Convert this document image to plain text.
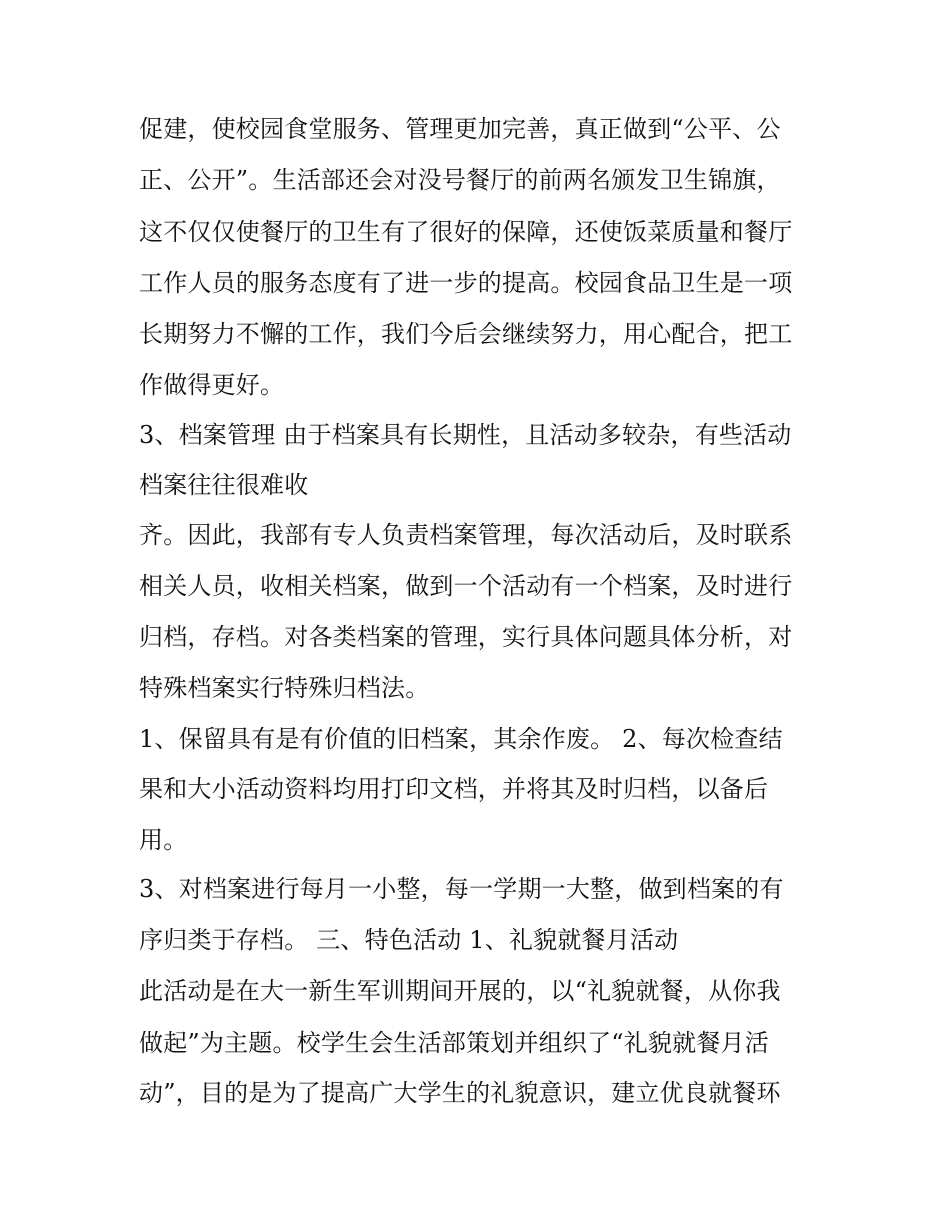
促建，使校园食堂服务、管理更加完善，真正做到“公平、公
正、公开”。生活部还会对没号餐厅的前两名颁发卫生锦旗，
这不仅仅使餐厅的卫生有了很好的保障，还使饭菜质量和餐厅
工作人员的服务态度有了进一步的提高。校园食品卫生是一项
长期努力不懈的工作，我们今后会继续努力，用心配合，把工
作做得更好。
3、档案管理 由于档案具有长期性，且活动多较杂，有些活动
档案往往很难收
齐。因此，我部有专人负责档案管理，每次活动后，及时联系
相关人员，收相关档案，做到一个活动有一个档案，及时进行
归档，存档。对各类档案的管理，实行具体问题具体分析，对
特殊档案实行特殊归档法。
1、保留具有是有价值的旧档案，其余作废。 2、每次检查结
果和大小活动资料均用打印文档，并将其及时归档，以备后
用。
3、对档案进行每月一小整，每一学期一大整，做到档案的有
序归类于存档。 三、特色活动 1、礼貌就餐月活动
此活动是在大一新生军训期间开展的，以“礼貌就餐，从你我
做起”为主题。校学生会生活部策划并组织了“礼貌就餐月活
动”，目的是为了提高广大学生的礼貌意识，建立优良就餐环
